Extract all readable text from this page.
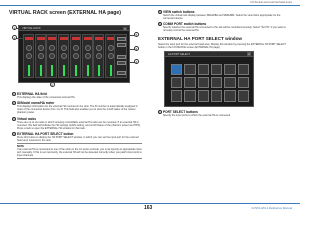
I/O devices and external head amps
VIRTUAL RACK screen (EXTERNAL HA page)
VIRTUAL RACK	×
1
2
3
4
5
6
1 EXTERNAL HA field
This displays the state of the connected external HA.
2 ID/Model name/HA meter
This displays information for the external HA mounted in the rack. The ID number is automatically assigned in order of the connected device from 1 to 8. This field also enables you to view the on/off status of the master phantom power.
3 Virtual racks
There are up to six racks in which remotely controllable external HA units can be mounted. If an external HA is mounted, this field will indicate the HA settings (GAIN setting, and on/off status of the phantom power and HPF). Press a rack to open the EXTERNAL HA window for that rack.
4 EXTERNAL HA PORT SELECT button
Press this button to display the HA PORT SELECT window, in which you can set the input port for the external head amp mounted in the rack.
NOTE
If an external HA is connected to one of the slots on the CL series console, you must specify an appropriate input port manually. If this is set incorrectly, the external HA will not be detected correctly when you patch input ports to input channels.
5 VIEW switch buttons
Switch the virtual rack display between SB1&SB2 and SB3&SB4. Select the view that's appropriate for the connected device.
6 COMM PORT switch buttons
Specify whether the external HA connected to the slot will be controlled remotely. Select "SLOT1" if you want to remotely control the external HA.
EXTERNAL HA PORT SELECT window
Select the input port for the external head amp. Display this window by pressing the EXTERNAL HA PORT SELECT button in the I/O DEVICE screen (EXTERNAL HA page).
HA PORT SELECT	×
1 PORT SELECT buttons
Specify the input ports to which the external HA is connected.
163	CL5/CL3/CL1 Reference Manual
